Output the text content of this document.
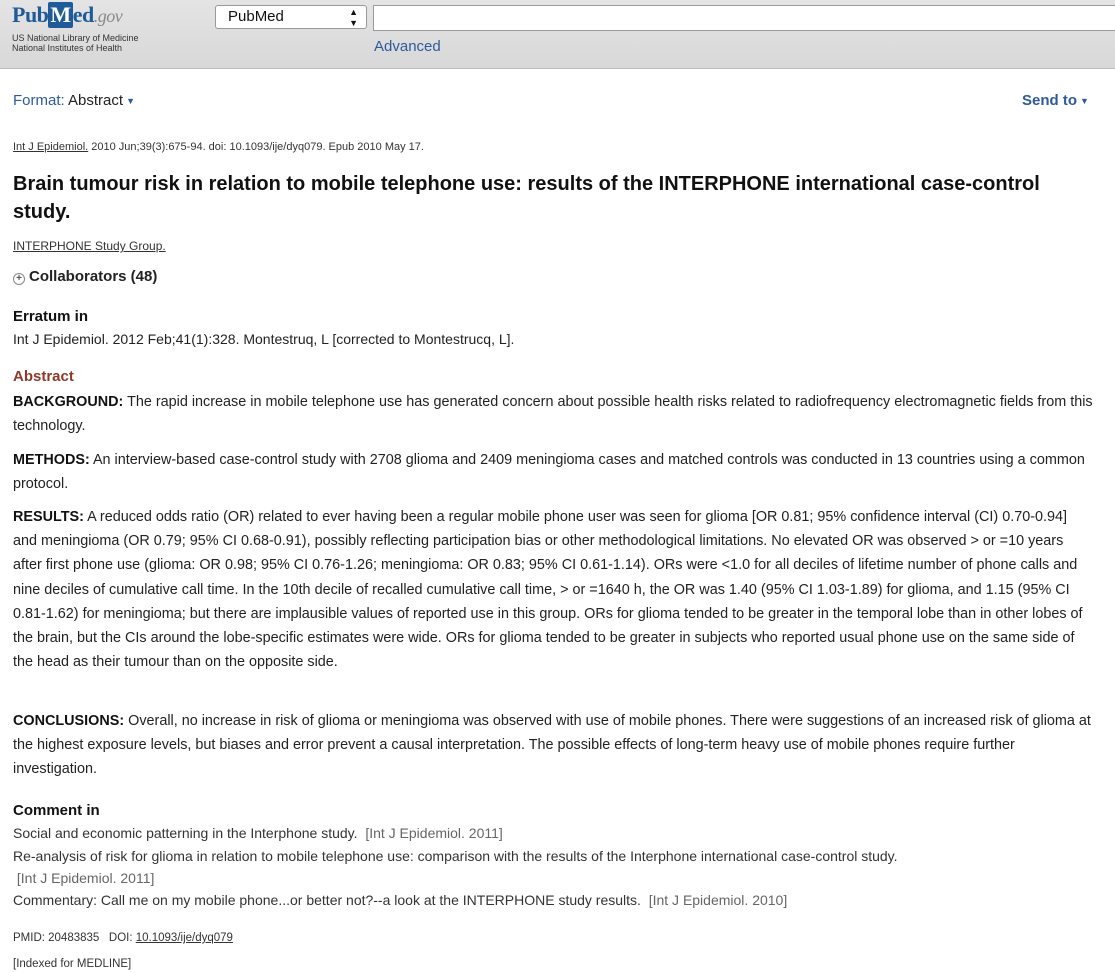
PubMed.gov
US National Library of Medicine
National Institutes of Health
PubMed	▲
▼
Advanced
Format: Abstract ▼	Send to ▼
Int J Epidemiol. 2010 Jun;39(3):675-94. doi: 10.1093/ije/dyq079. Epub 2010 May 17.
Brain tumour risk in relation to mobile telephone use: results of the INTERPHONE international case-control study.
INTERPHONE Study Group.
+ Collaborators (48)
Erratum in
Int J Epidemiol. 2012 Feb;41(1):328. Montestruq, L [corrected to Montestrucq, L].
Abstract

BACKGROUND: The rapid increase in mobile telephone use has generated concern about possible health risks related to radiofrequency electromagnetic fields from this technology.

METHODS: An interview-based case-control study with 2708 glioma and 2409 meningioma cases and matched controls was conducted in 13 countries using a common protocol.

RESULTS: A reduced odds ratio (OR) related to ever having been a regular mobile phone user was seen for glioma [OR 0.81; 95% confidence interval (CI) 0.70-0.94] and meningioma (OR 0.79; 95% CI 0.68-0.91), possibly reflecting participation bias or other methodological limitations. No elevated OR was observed > or =10 years after first phone use (glioma: OR 0.98; 95% CI 0.76-1.26; meningioma: OR 0.83; 95% CI 0.61-1.14). ORs were <1.0 for all deciles of lifetime number of phone calls and nine deciles of cumulative call time. In the 10th decile of recalled cumulative call time, > or =1640 h, the OR was 1.40 (95% CI 1.03-1.89) for glioma, and 1.15 (95% CI 0.81-1.62) for meningioma; but there are implausible values of reported use in this group. ORs for glioma tended to be greater in the temporal lobe than in other lobes of the brain, but the CIs around the lobe-specific estimates were wide. ORs for glioma tended to be greater in subjects who reported usual phone use on the same side of the head as their tumour than on the opposite side.

CONCLUSIONS: Overall, no increase in risk of glioma or meningioma was observed with use of mobile phones. There were suggestions of an increased risk of glioma at the highest exposure levels, but biases and error prevent a causal interpretation. The possible effects of long-term heavy use of mobile phones require further investigation.

Comment in
Social and economic patterning in the Interphone study. [Int J Epidemiol. 2011]
Re-analysis of risk for glioma in relation to mobile telephone use: comparison with the results of the Interphone international case-control study.
[Int J Epidemiol. 2011]
Commentary: Call me on my mobile phone...or better not?--a look at the INTERPHONE study results. [Int J Epidemiol. 2010]
PMID: 20483835 DOI: 10.1093/ije/dyq079
[Indexed for MEDLINE]
